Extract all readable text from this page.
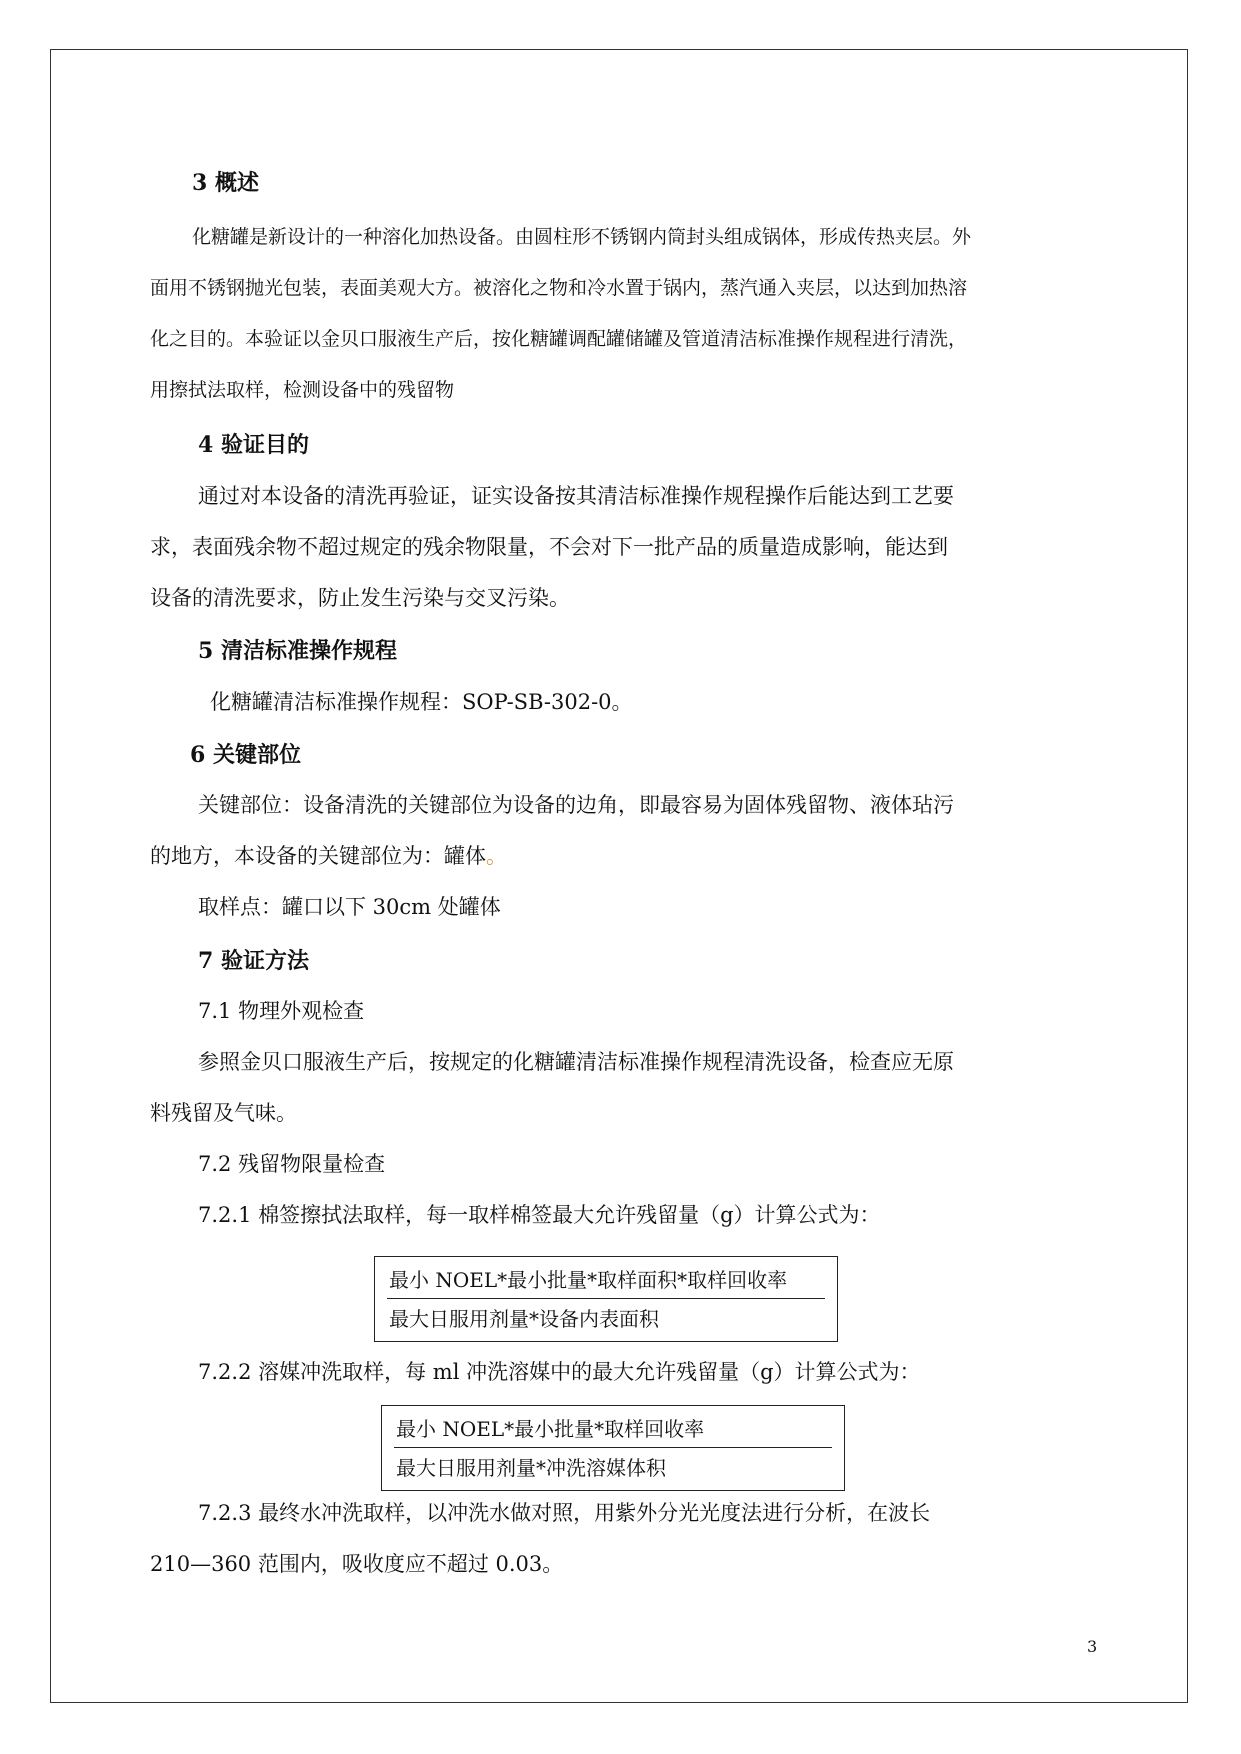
3 概述
化糖罐是新设计的一种溶化加热设备。由圆柱形不锈钢内筒封头组成锅体，形成传热夹层。外
面用不锈钢抛光包装，表面美观大方。被溶化之物和冷水置于锅内，蒸汽通入夹层，以达到加热溶
化之目的。本验证以金贝口服液生产后，按化糖罐调配罐储罐及管道清洁标准操作规程进行清洗，
用擦拭法取样，检测设备中的残留物
4 验证目的
通过对本设备的清洗再验证，证实设备按其清洁标准操作规程操作后能达到工艺要
求，表面残余物不超过规定的残余物限量，不会对下一批产品的质量造成影响，能达到
设备的清洗要求，防止发生污染与交叉污染。
5 清洁标准操作规程
化糖罐清洁标准操作规程：SOP-SB-302-0。
6 关键部位
关键部位：设备清洗的关键部位为设备的边角，即最容易为固体残留物、液体玷污
的地方，本设备的关键部位为：罐体。
取样点：罐口以下 30cm 处罐体
7 验证方法
7.1 物理外观检查
参照金贝口服液生产后，按规定的化糖罐清洁标准操作规程清洗设备，检查应无原
料残留及气味。
7.2 残留物限量检查
7.2.1 棉签擦拭法取样，每一取样棉签最大允许残留量（g）计算公式为：
最小 NOEL*最小批量*取样面积*取样回收率
最大日服用剂量*设备内表面积
7.2.2 溶媒冲洗取样，每 ml 冲洗溶媒中的最大允许残留量（g）计算公式为：
最小 NOEL*最小批量*取样回收率
最大日服用剂量*冲洗溶媒体积
7.2.3 最终水冲洗取样，以冲洗水做对照，用紫外分光光度法进行分析，在波长
210—360 范围内，吸收度应不超过 0.03。
3
